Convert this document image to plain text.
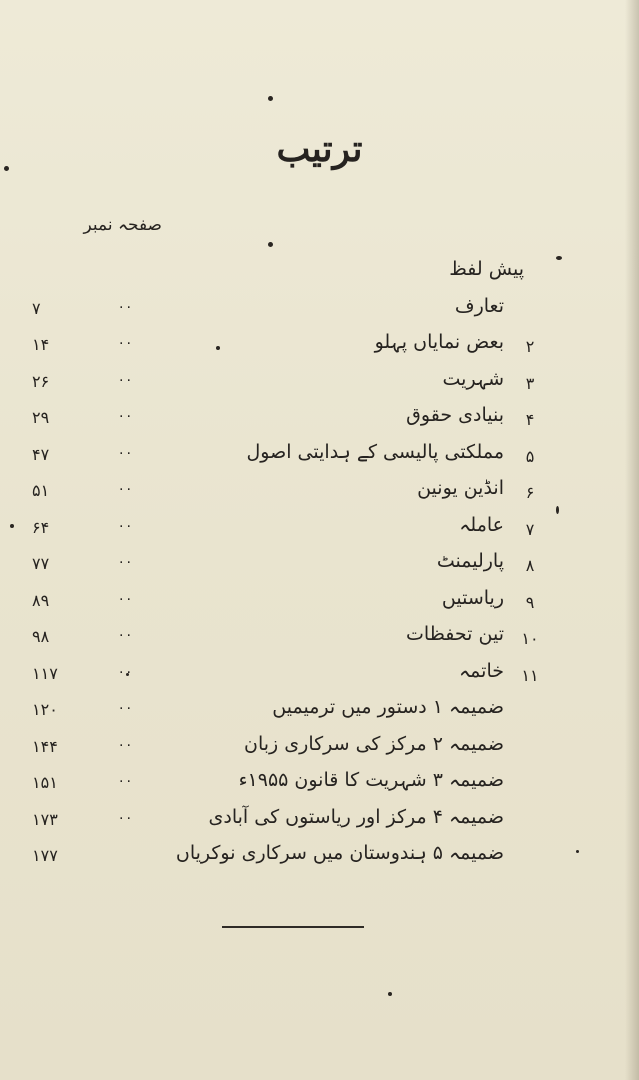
ترتیب
صفحہ نمبر
پیش لفظ
تعارف
۰۰
۷
۲
بعض نمایاں پہلو
۰۰
۱۴
۳
شہریت
۰۰
۲۶
۴
بنیادی حقوق
۰۰
۲۹
۵
مملکتی پالیسی کے ہدایتی اصول
۰۰
۴۷
۶
انڈین یونین
۰۰
۵۱
۷
عاملہ
۰۰
۶۴
۸
پارلیمنٹ
۰۰
۷۷
۹
ریاستیں
۰۰
۸۹
۱۰
تین تحفظات
۰۰
۹۸
۱۱
خاتمہ
۰۰
۱۱۷
ضمیمہ ۱ دستور میں ترمیمیں
۰۰
۱۲۰
ضمیمہ ۲ مرکز کی سرکاری زبان
۰۰
۱۴۴
ضمیمہ ۳ شہریت کا قانون ۱۹۵۵ء
۰۰
۱۵۱
ضمیمہ ۴ مرکز اور ریاستوں کی آبادی
۰۰
۱۷۳
ضمیمہ ۵ ہندوستان میں سرکاری نوکریاں
۱۷۷
